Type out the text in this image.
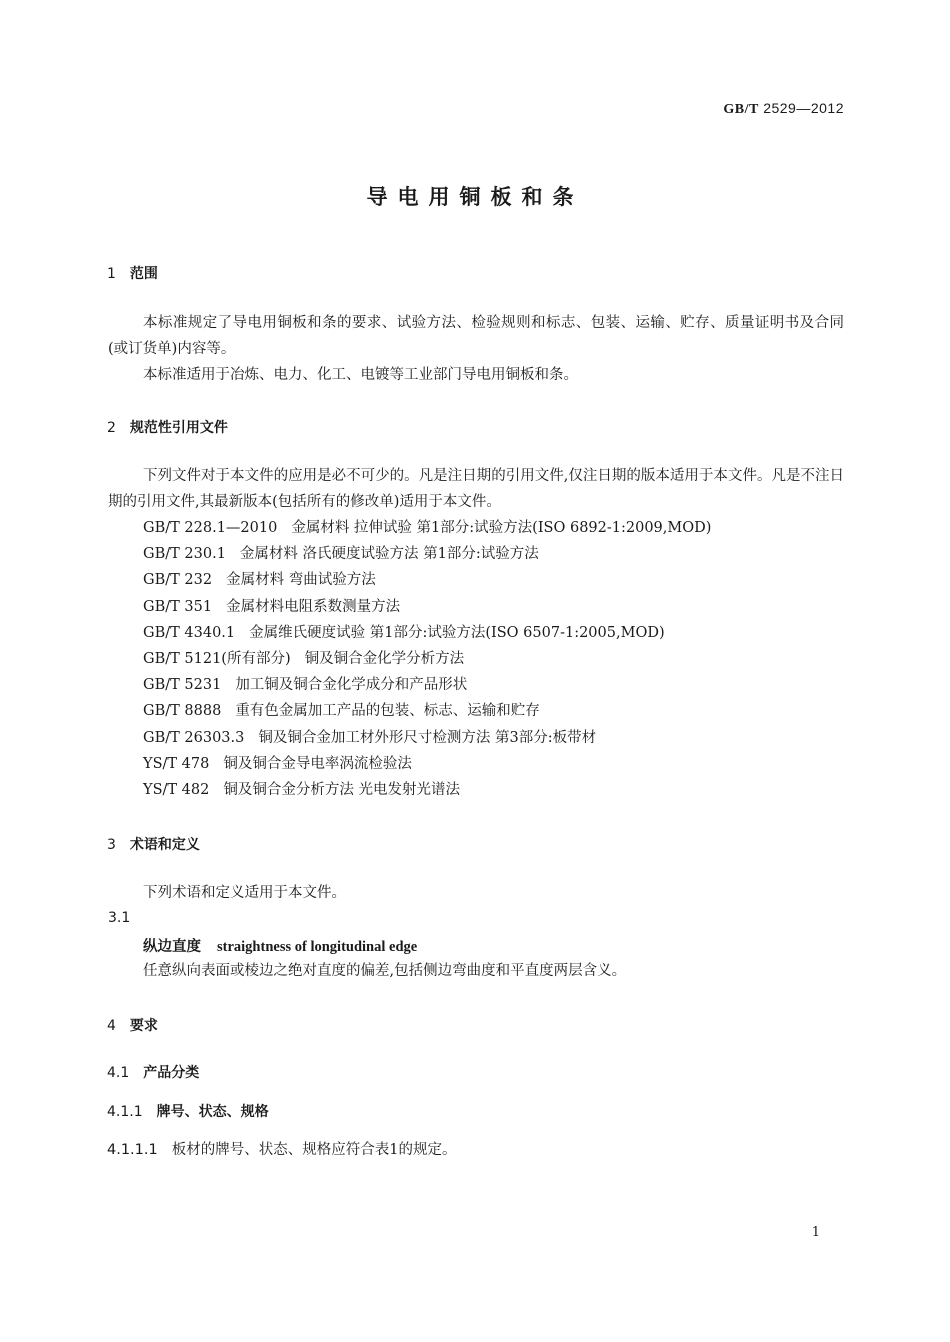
GB/T 2529—2012
导电用铜板和条
1 范围
本标准规定了导电用铜板和条的要求、试验方法、检验规则和标志、包装、运输、贮存、质量证明书及合同(或订货单)内容等。
本标准适用于冶炼、电力、化工、电镀等工业部门导电用铜板和条。
2 规范性引用文件
下列文件对于本文件的应用是必不可少的。凡是注日期的引用文件,仅注日期的版本适用于本文件。凡是不注日期的引用文件,其最新版本(包括所有的修改单)适用于本文件。
GB/T 228.1—2010 金属材料 拉伸试验 第1部分:试验方法(ISO 6892-1:2009,MOD)
GB/T 230.1 金属材料 洛氏硬度试验方法 第1部分:试验方法
GB/T 232 金属材料 弯曲试验方法
GB/T 351 金属材料电阻系数测量方法
GB/T 4340.1 金属维氏硬度试验 第1部分:试验方法(ISO 6507-1:2005,MOD)
GB/T 5121(所有部分) 铜及铜合金化学分析方法
GB/T 5231 加工铜及铜合金化学成分和产品形状
GB/T 8888 重有色金属加工产品的包装、标志、运输和贮存
GB/T 26303.3 铜及铜合金加工材外形尺寸检测方法 第3部分:板带材
YS/T 478 铜及铜合金导电率涡流检验法
YS/T 482 铜及铜合金分析方法 光电发射光谱法
3 术语和定义
下列术语和定义适用于本文件。
3.1
纵边直度 straightness of longitudinal edge
任意纵向表面或棱边之绝对直度的偏差,包括侧边弯曲度和平直度两层含义。
4 要求
4.1 产品分类
4.1.1 牌号、状态、规格
4.1.1.1 板材的牌号、状态、规格应符合表1的规定。
1
